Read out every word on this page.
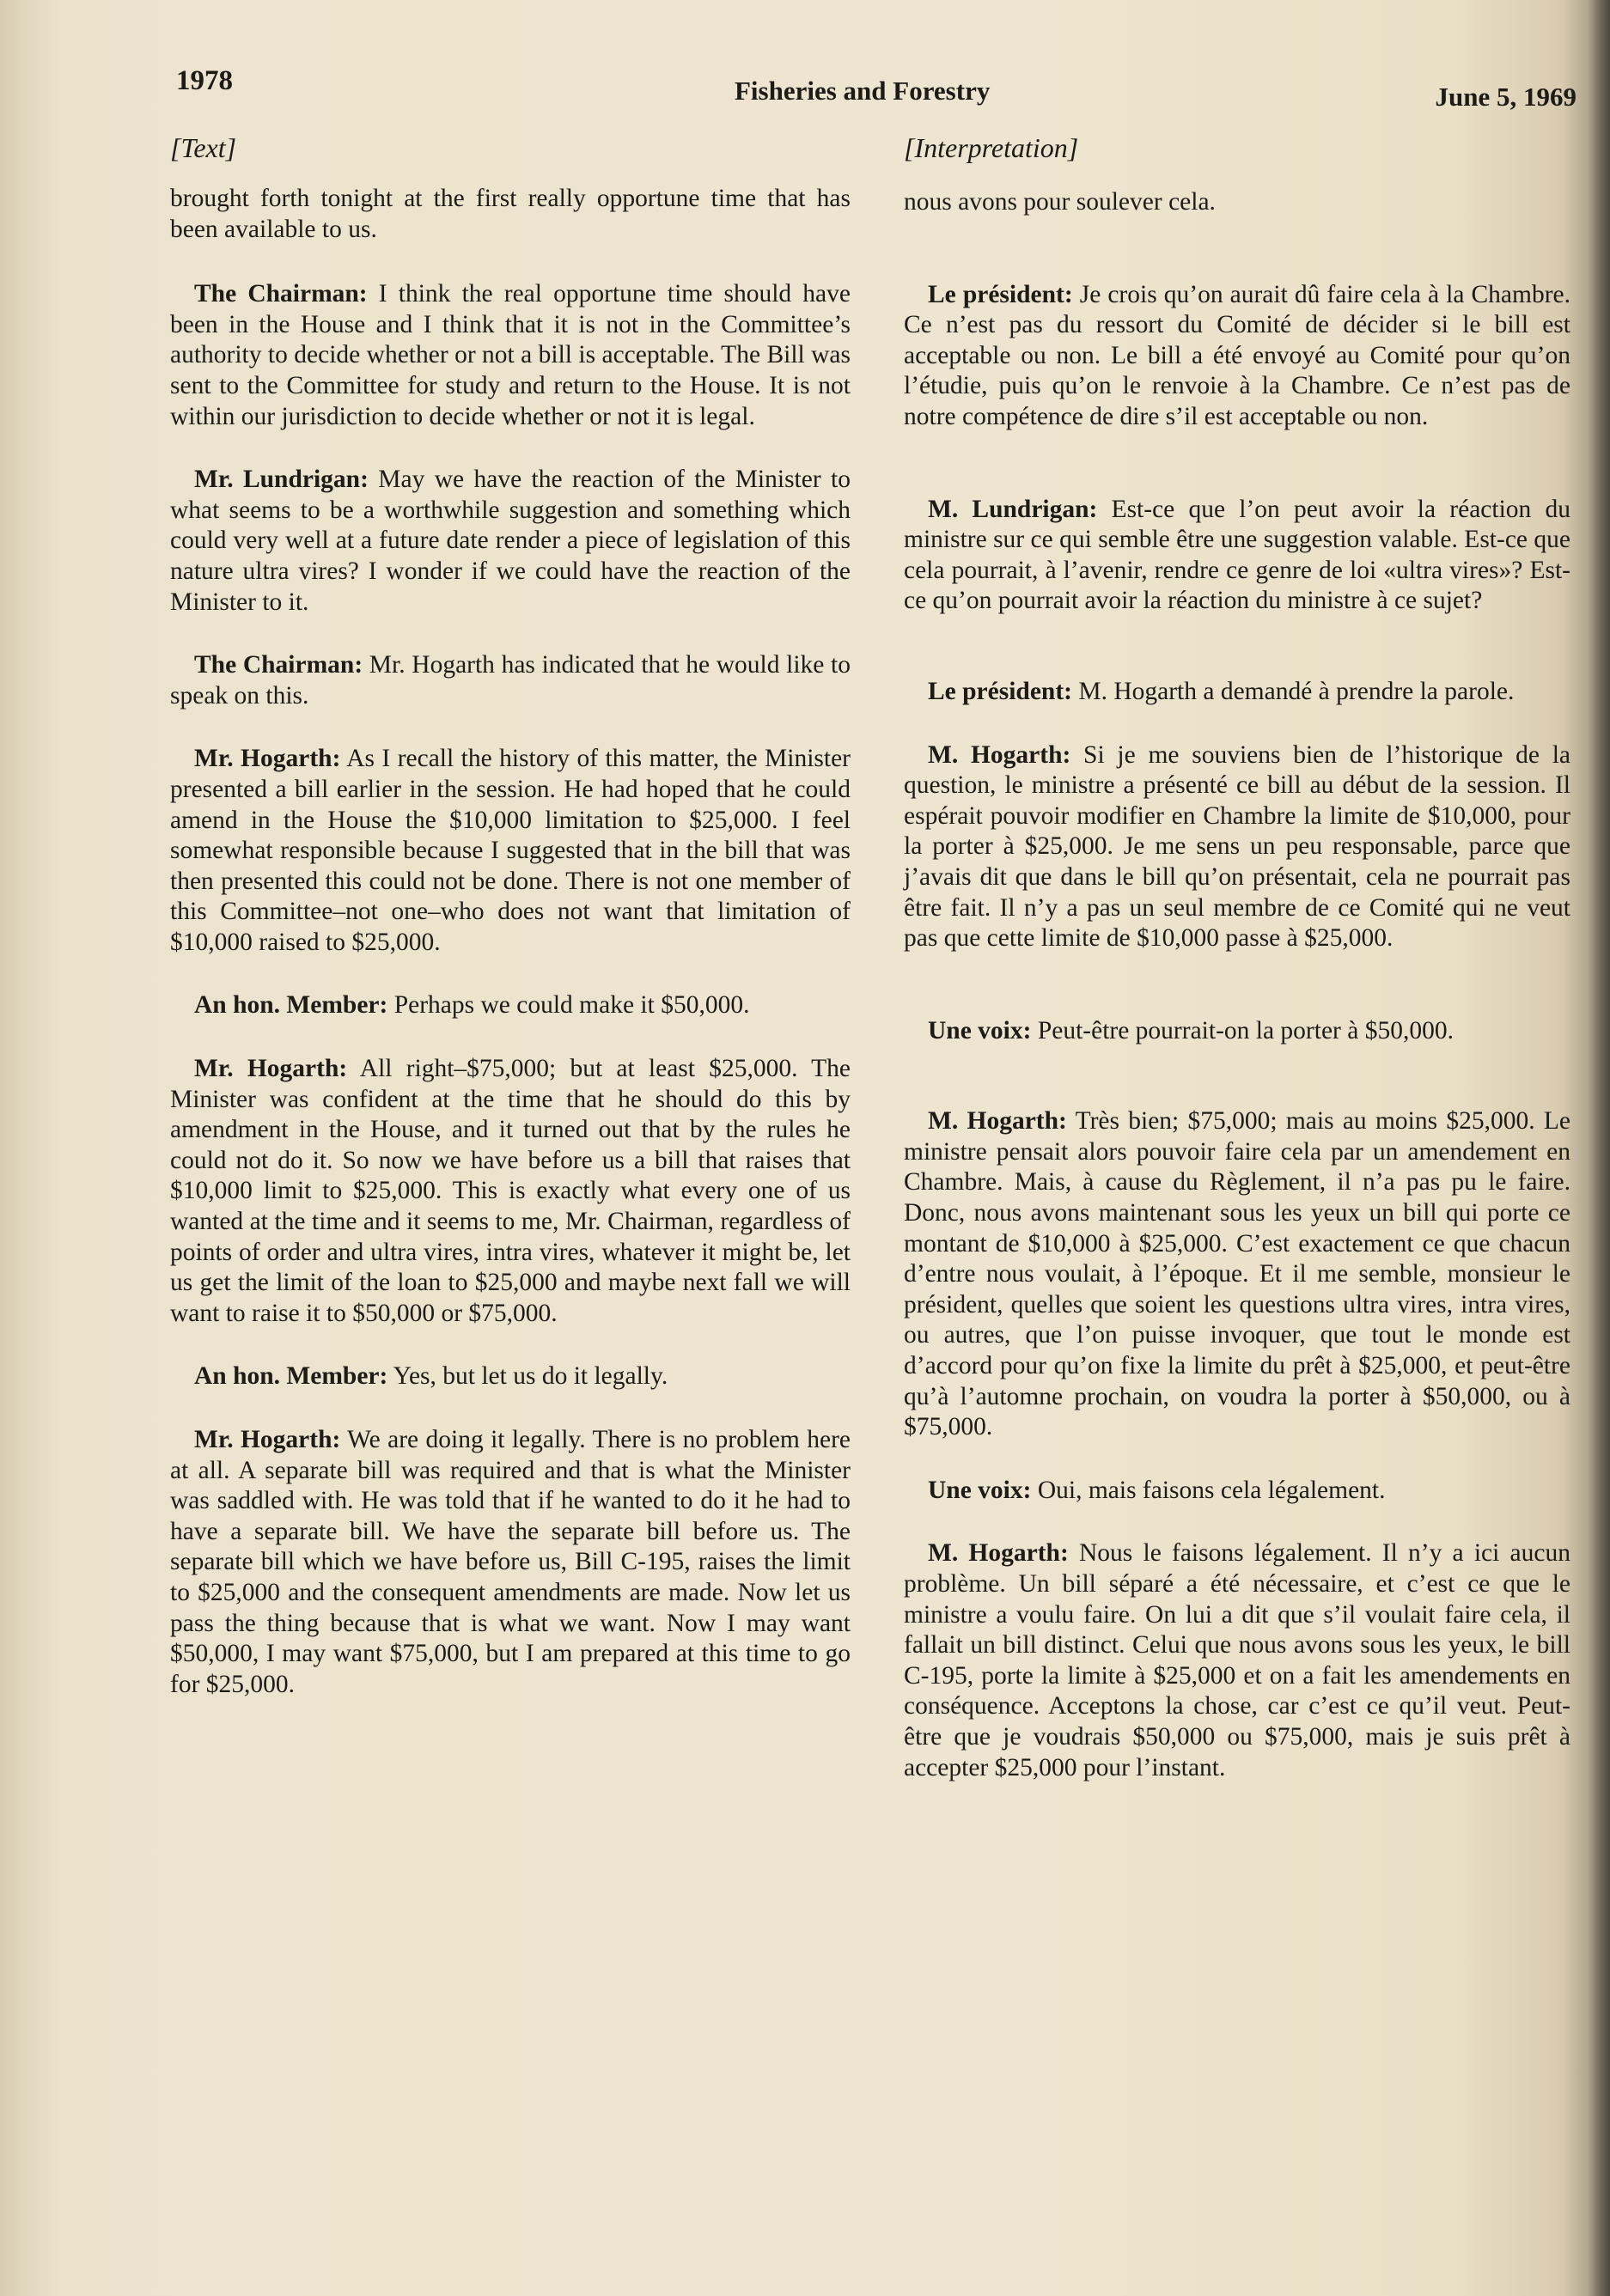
1978	Fisheries and Forestry	June 5, 1969
[Text]

brought forth tonight at the first really opportune time that has been available to us.

The Chairman: I think the real opportune time should have been in the House and I think that it is not in the Committee’s authority to decide whether or not a bill is acceptable. The Bill was sent to the Committee for study and return to the House. It is not within our jurisdiction to decide whether or not it is legal.

Mr. Lundrigan: May we have the reaction of the Minister to what seems to be a worthwhile suggestion and something which could very well at a future date render a piece of legislation of this nature ultra vires? I wonder if we could have the reaction of the Minister to it.

The Chairman: Mr. Hogarth has indicated that he would like to speak on this.

Mr. Hogarth: As I recall the history of this matter, the Minister presented a bill earlier in the session. He had hoped that he could amend in the House the $10,000 limitation to $25,000. I feel somewhat responsible because I suggested that in the bill that was then presented this could not be done. There is not one member of this Committee–not one–who does not want that limitation of $10,000 raised to $25,000.

An hon. Member: Perhaps we could make it $50,000.

Mr. Hogarth: All right–$75,000; but at least $25,000. The Minister was confident at the time that he should do this by amendment in the House, and it turned out that by the rules he could not do it. So now we have before us a bill that raises that $10,000 limit to $25,000. This is exactly what every one of us wanted at the time and it seems to me, Mr. Chairman, regardless of points of order and ultra vires, intra vires, whatever it might be, let us get the limit of the loan to $25,000 and maybe next fall we will want to raise it to $50,000 or $75,000.

An hon. Member: Yes, but let us do it legally.

Mr. Hogarth: We are doing it legally. There is no problem here at all. A separate bill was required and that is what the Minister was saddled with. He was told that if he wanted to do it he had to have a separate bill. We have the separate bill before us. The separate bill which we have before us, Bill C-195, raises the limit to $25,000 and the consequent amendments are made. Now let us pass the thing because that is what we want. Now I may want $50,000, I may want $75,000, but I am prepared at this time to go for $25,000.

[Interpretation]

nous avons pour soulever cela.

Le président: Je crois qu’on aurait dû faire cela à la Chambre. Ce n’est pas du ressort du Comité de décider si le bill est acceptable ou non. Le bill a été envoyé au Comité pour qu’on l’étudie, puis qu’on le renvoie à la Chambre. Ce n’est pas de notre compétence de dire s’il est acceptable ou non.

M. Lundrigan: Est-ce que l’on peut avoir la réaction du ministre sur ce qui semble être une suggestion valable. Est-ce que cela pourrait, à l’avenir, rendre ce genre de loi «ultra vires»? Est-ce qu’on pourrait avoir la réaction du ministre à ce sujet?

Le président: M. Hogarth a demandé à prendre la parole.

M. Hogarth: Si je me souviens bien de l’historique de la question, le ministre a présenté ce bill au début de la session. Il espérait pouvoir modifier en Chambre la limite de $10,000, pour la porter à $25,000. Je me sens un peu responsable, parce que j’avais dit que dans le bill qu’on présentait, cela ne pourrait pas être fait. Il n’y a pas un seul membre de ce Comité qui ne veut pas que cette limite de $10,000 passe à $25,000.

Une voix: Peut-être pourrait-on la porter à $50,000.

M. Hogarth: Très bien; $75,000; mais au moins $25,000. Le ministre pensait alors pouvoir faire cela par un amendement en Chambre. Mais, à cause du Règlement, il n’a pas pu le faire. Donc, nous avons maintenant sous les yeux un bill qui porte ce montant de $10,000 à $25,000. C’est exactement ce que chacun d’entre nous voulait, à l’époque. Et il me semble, monsieur le président, quelles que soient les questions ultra vires, intra vires, ou autres, que l’on puisse invoquer, que tout le monde est d’accord pour qu’on fixe la limite du prêt à $25,000, et peut-être qu’à l’automne prochain, on voudra la porter à $50,000, ou à $75,000.

Une voix: Oui, mais faisons cela légalement.

M. Hogarth: Nous le faisons légalement. Il n’y a ici aucun problème. Un bill séparé a été nécessaire, et c’est ce que le ministre a voulu faire. On lui a dit que s’il voulait faire cela, il fallait un bill distinct. Celui que nous avons sous les yeux, le bill C-195, porte la limite à $25,000 et on a fait les amendements en conséquence. Acceptons la chose, car c’est ce qu’il veut. Peut-être que je voudrais $50,000 ou $75,000, mais je suis prêt à accepter $25,000 pour l’instant.
